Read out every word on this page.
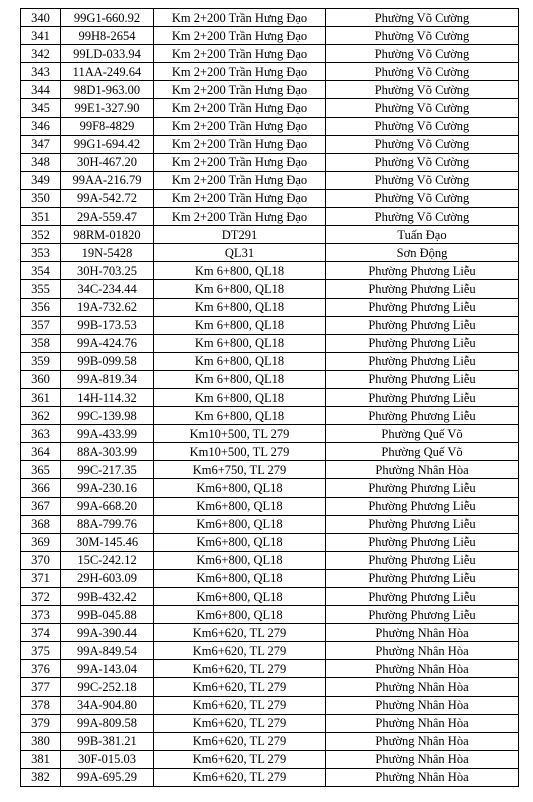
340	99G1-660.92	Km 2+200 Trần Hưng Đạo	Phường Võ Cường
341	99H8-2654	Km 2+200 Trần Hưng Đạo	Phường Võ Cường
342	99LD-033.94	Km 2+200 Trần Hưng Đạo	Phường Võ Cường
343	11AA-249.64	Km 2+200 Trần Hưng Đạo	Phường Võ Cường
344	98D1-963.00	Km 2+200 Trần Hưng Đạo	Phường Võ Cường
345	99E1-327.90	Km 2+200 Trần Hưng Đạo	Phường Võ Cường
346	99F8-4829	Km 2+200 Trần Hưng Đạo	Phường Võ Cường
347	99G1-694.42	Km 2+200 Trần Hưng Đạo	Phường Võ Cường
348	30H-467.20	Km 2+200 Trần Hưng Đạo	Phường Võ Cường
349	99AA-216.79	Km 2+200 Trần Hưng Đạo	Phường Võ Cường
350	99A-542.72	Km 2+200 Trần Hưng Đạo	Phường Võ Cường
351	29A-559.47	Km 2+200 Trần Hưng Đạo	Phường Võ Cường
352	98RM-01820	DT291	Tuấn Đạo
353	19N-5428	QL31	Sơn Động
354	30H-703.25	Km 6+800, QL18	Phường Phương Liễu
355	34C-234.44	Km 6+800, QL18	Phường Phương Liễu
356	19A-732.62	Km 6+800, QL18	Phường Phương Liễu
357	99B-173.53	Km 6+800, QL18	Phường Phương Liễu
358	99A-424.76	Km 6+800, QL18	Phường Phương Liễu
359	99B-099.58	Km 6+800, QL18	Phường Phương Liễu
360	99A-819.34	Km 6+800, QL18	Phường Phương Liễu
361	14H-114.32	Km 6+800, QL18	Phường Phương Liễu
362	99C-139.98	Km 6+800, QL18	Phường Phương Liễu
363	99A-433.99	Km10+500, TL 279	Phường Quế Võ
364	88A-303.99	Km10+500, TL 279	Phường Quế Võ
365	99C-217.35	Km6+750, TL 279	Phường Nhân Hòa
366	99A-230.16	Km6+800, QL18	Phường Phương Liễu
367	99A-668.20	Km6+800, QL18	Phường Phương Liễu
368	88A-799.76	Km6+800, QL18	Phường Phương Liễu
369	30M-145.46	Km6+800, QL18	Phường Phương Liễu
370	15C-242.12	Km6+800, QL18	Phường Phương Liễu
371	29H-603.09	Km6+800, QL18	Phường Phương Liễu
372	99B-432.42	Km6+800, QL18	Phường Phương Liễu
373	99B-045.88	Km6+800, QL18	Phường Phương Liễu
374	99A-390.44	Km6+620, TL 279	Phường Nhân Hòa
375	99A-849.54	Km6+620, TL 279	Phường Nhân Hòa
376	99A-143.04	Km6+620, TL 279	Phường Nhân Hòa
377	99C-252.18	Km6+620, TL 279	Phường Nhân Hòa
378	34A-904.80	Km6+620, TL 279	Phường Nhân Hòa
379	99A-809.58	Km6+620, TL 279	Phường Nhân Hòa
380	99B-381.21	Km6+620, TL 279	Phường Nhân Hòa
381	30F-015.03	Km6+620, TL 279	Phường Nhân Hòa
382	99A-695.29	Km6+620, TL 279	Phường Nhân Hòa
